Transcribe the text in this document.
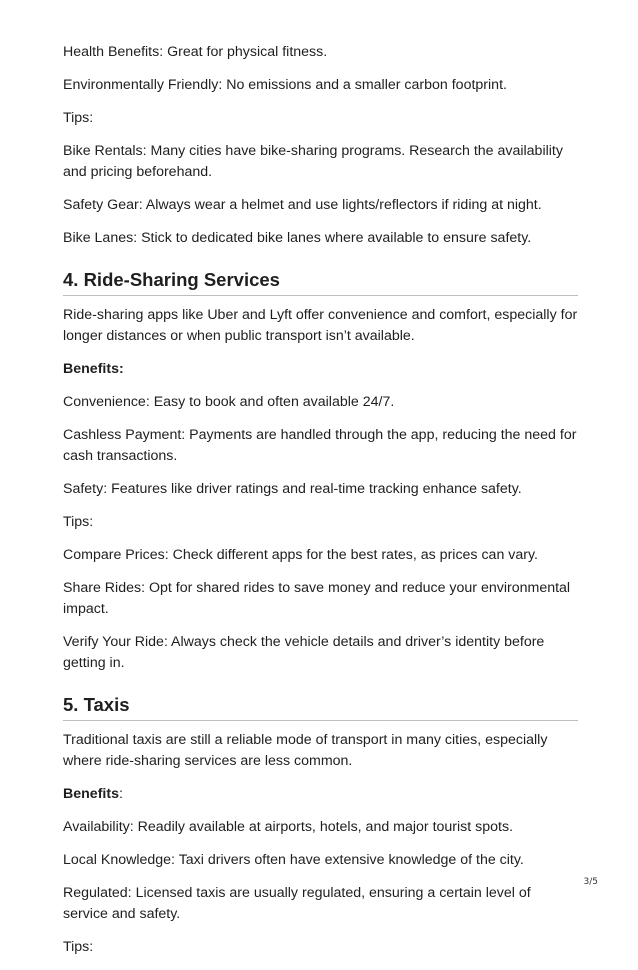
Health Benefits: Great for physical fitness.

Environmentally Friendly: No emissions and a smaller carbon footprint.

Tips:

Bike Rentals: Many cities have bike-sharing programs. Research the availability and pricing beforehand.

Safety Gear: Always wear a helmet and use lights/reflectors if riding at night.

Bike Lanes: Stick to dedicated bike lanes where available to ensure safety.

4. Ride-Sharing Services

Ride-sharing apps like Uber and Lyft offer convenience and comfort, especially for longer distances or when public transport isn’t available.

Benefits:

Convenience: Easy to book and often available 24/7.

Cashless Payment: Payments are handled through the app, reducing the need for cash transactions.

Safety: Features like driver ratings and real-time tracking enhance safety.

Tips:

Compare Prices: Check different apps for the best rates, as prices can vary.

Share Rides: Opt for shared rides to save money and reduce your environmental impact.

Verify Your Ride: Always check the vehicle details and driver’s identity before getting in.

5. Taxis

Traditional taxis are still a reliable mode of transport in many cities, especially where ride-sharing services are less common.

Benefits:

Availability: Readily available at airports, hotels, and major tourist spots.

Local Knowledge: Taxi drivers often have extensive knowledge of the city.

Regulated: Licensed taxis are usually regulated, ensuring a certain level of service and safety.

Tips:

3/5
